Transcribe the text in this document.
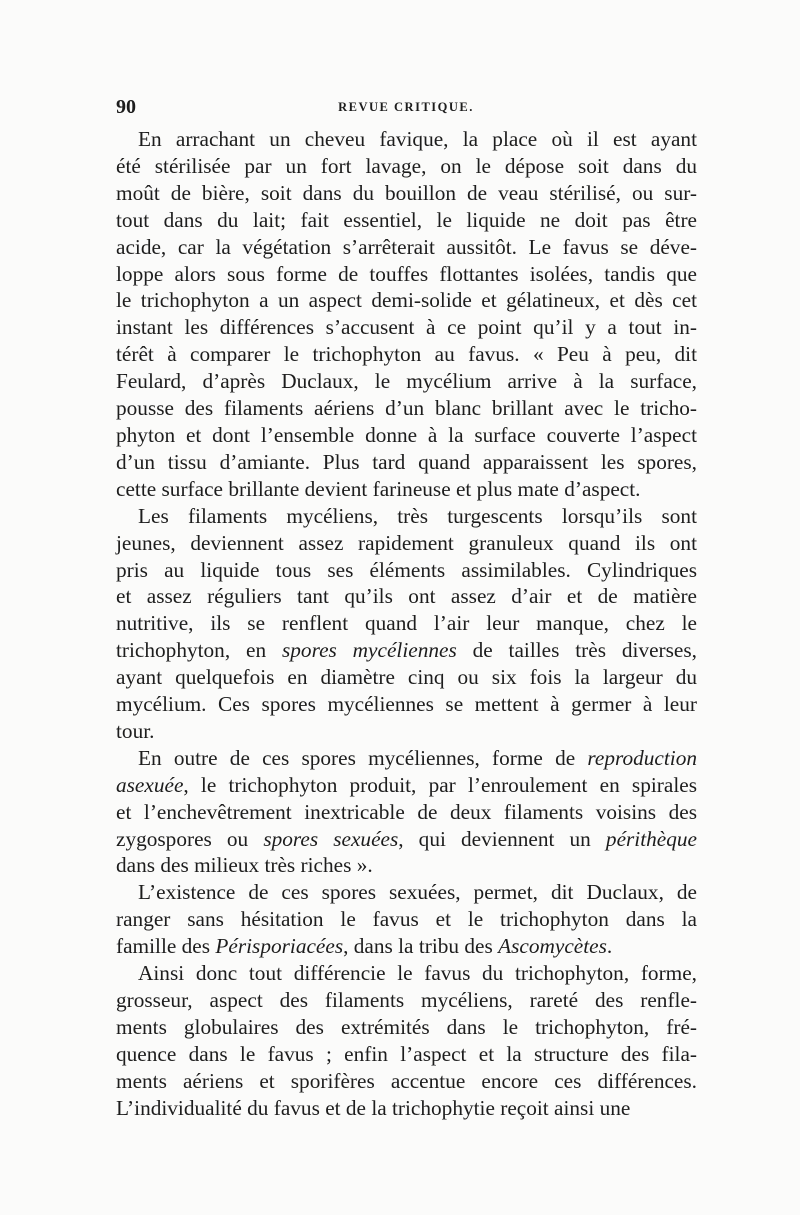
90	REVUE CRITIQUE.
En arrachant un cheveu favique, la place où il est ayant
été stérilisée par un fort lavage, on le dépose soit dans du
moût de bière, soit dans du bouillon de veau stérilisé, ou sur-
tout dans du lait; fait essentiel, le liquide ne doit pas être
acide, car la végétation s’arrêterait aussitôt. Le favus se déve-
loppe alors sous forme de touffes flottantes isolées, tandis que
le trichophyton a un aspect demi-solide et gélatineux, et dès cet
instant les différences s’accusent à ce point qu’il y a tout in-
térêt à comparer le trichophyton au favus. « Peu à peu, dit
Feulard, d’après Duclaux, le mycélium arrive à la surface,
pousse des filaments aériens d’un blanc brillant avec le tricho-
phyton et dont l’ensemble donne à la surface couverte l’aspect
d’un tissu d’amiante. Plus tard quand apparaissent les spores,
cette surface brillante devient farineuse et plus mate d’aspect.
Les filaments mycéliens, très turgescents lorsqu’ils sont
jeunes, deviennent assez rapidement granuleux quand ils ont
pris au liquide tous ses éléments assimilables. Cylindriques
et assez réguliers tant qu’ils ont assez d’air et de matière
nutritive, ils se renflent quand l’air leur manque, chez le
trichophyton, en spores mycéliennes de tailles très diverses,
ayant quelquefois en diamètre cinq ou six fois la largeur du
mycélium. Ces spores mycéliennes se mettent à germer à leur
tour.
En outre de ces spores mycéliennes, forme de reproduction
asexuée, le trichophyton produit, par l’enroulement en spirales
et l’enchevêtrement inextricable de deux filaments voisins des
zygospores ou spores sexuées, qui deviennent un périthèque
dans des milieux très riches ».
L’existence de ces spores sexuées, permet, dit Duclaux, de
ranger sans hésitation le favus et le trichophyton dans la
famille des Périsporiacées, dans la tribu des Ascomycètes.
Ainsi donc tout différencie le favus du trichophyton, forme,
grosseur, aspect des filaments mycéliens, rareté des renfle-
ments globulaires des extrémités dans le trichophyton, fré-
quence dans le favus ; enfin l’aspect et la structure des fila-
ments aériens et sporifères accentue encore ces différences.
L’individualité du favus et de la trichophytie reçoit ainsi une
